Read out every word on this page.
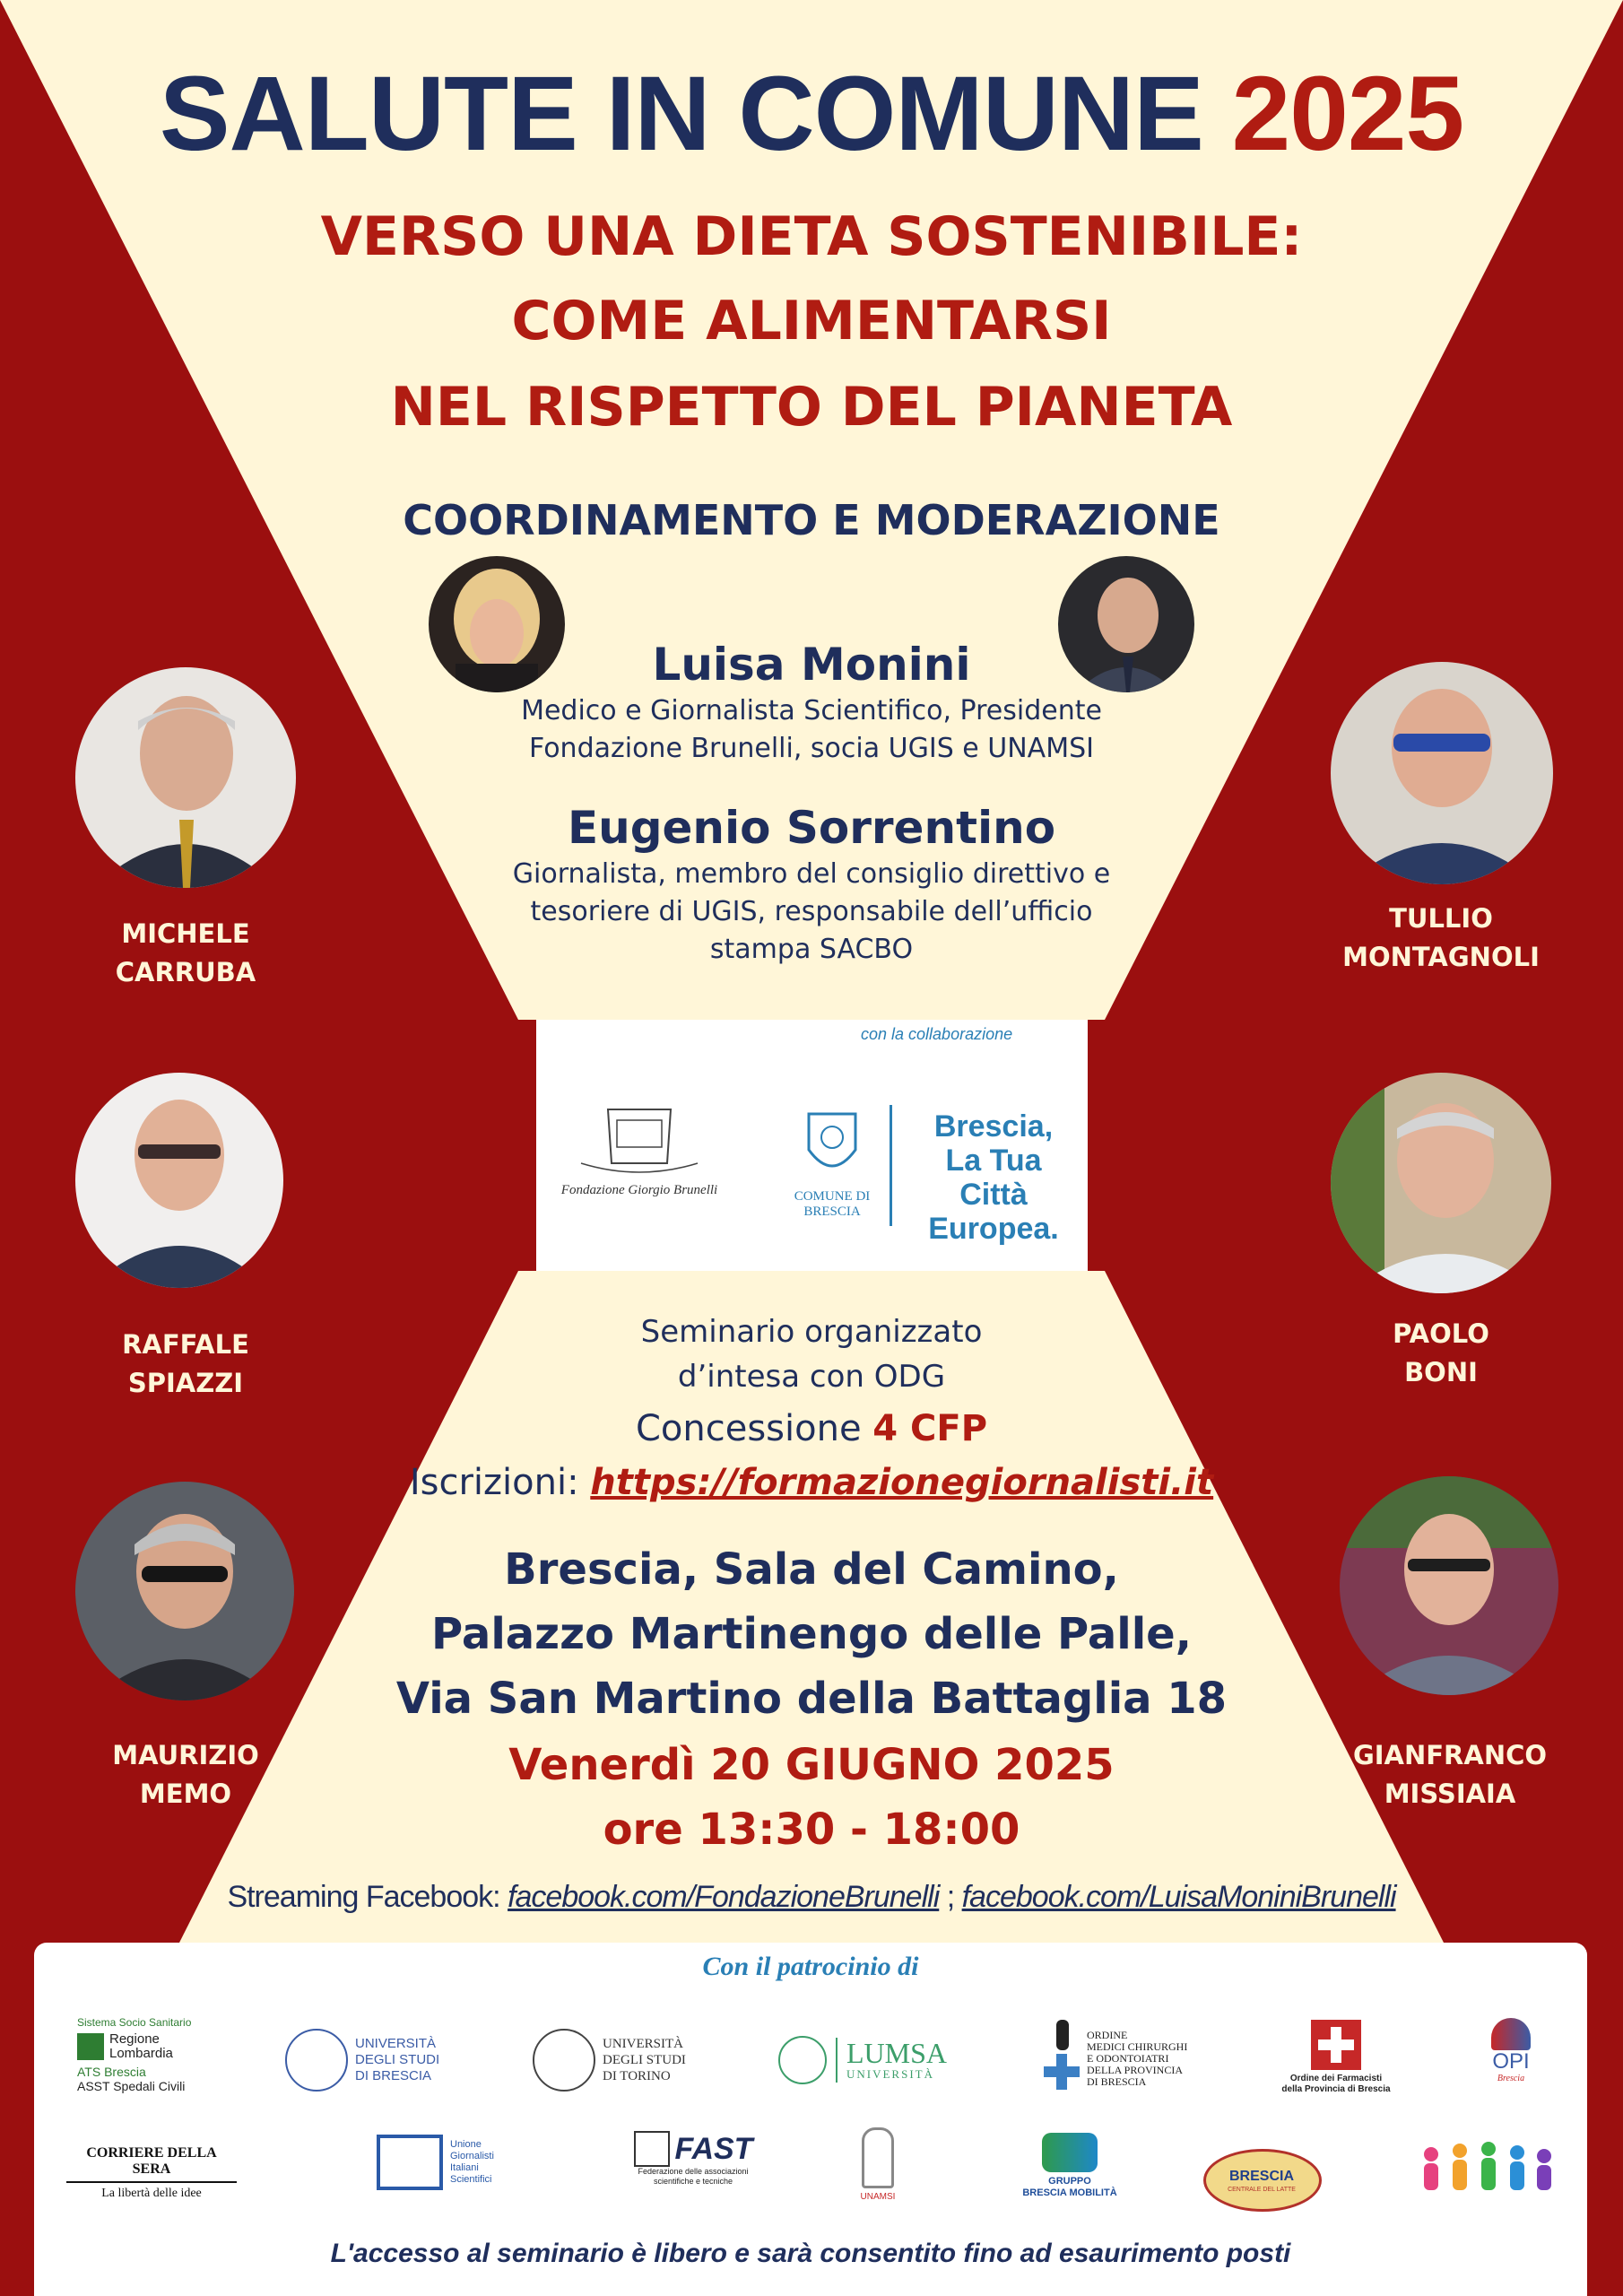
SALUTE IN COMUNE 2025
VERSO UNA DIETA SOSTENIBILE:
COME ALIMENTARSI
NEL RISPETTO DEL PIANETA
COORDINAMENTO E MODERAZIONE
Luisa Monini
Medico e Giornalista Scientifico, Presidente
Fondazione Brunelli, socia UGIS e UNAMSI
Eugenio Sorrentino
Giornalista, membro del consiglio direttivo e
tesoriere di UGIS, responsabile dell’ufficio
stampa SACBO
MICHELE
CARRUBA
RAFFALE
SPIAZZI
MAURIZIO
MEMO
TULLIO
MONTAGNOLI
PAOLO
BONI
GIANFRANCO
MISSIAIA
con la collaborazione
Fondazione Giorgio Brunelli	COMUNE DI
BRESCIA
Brescia,
La Tua Città
Europea.
Seminario organizzato
d’intesa con ODG
Concessione 4 CFP
Iscrizioni: https://formazionegiornalisti.it
Brescia, Sala del Camino,
Palazzo Martinengo delle Palle,
Via San Martino della Battaglia 18
Venerdì 20 GIUGNO 2025
ore 13:30 - 18:00
Streaming Facebook: facebook.com/FondazioneBrunelli ; facebook.com/LuisaMoniniBrunelli
Con il patrocinio di
Sistema Socio Sanitario
Regione
Lombardia
ATS Brescia
ASST Spedali Civili
UNIVERSITÀ
DEGLI STUDI
DI BRESCIA
UNIVERSITÀ
DEGLI STUDI
DI TORINO
LUMSA
UNIVERSITÀ
ORDINE
MEDICI CHIRURGHI
E ODONTOIATRI
DELLA PROVINCIA
DI BRESCIA	Ordine dei Farmacisti
della Provincia di Brescia
OPI
Brescia
CORRIERE DELLA SERA
La libertà delle idee
Unione
Giornalisti
Italiani
Scientifici
FAST
Federazione delle associazioni
scientifiche e tecniche
UNAMSI
GRUPPO
BRESCIA MOBILITÀ
BRESCIA
CENTRALE DEL LATTE
L'accesso al seminario è libero e sarà consentito fino ad esaurimento posti
